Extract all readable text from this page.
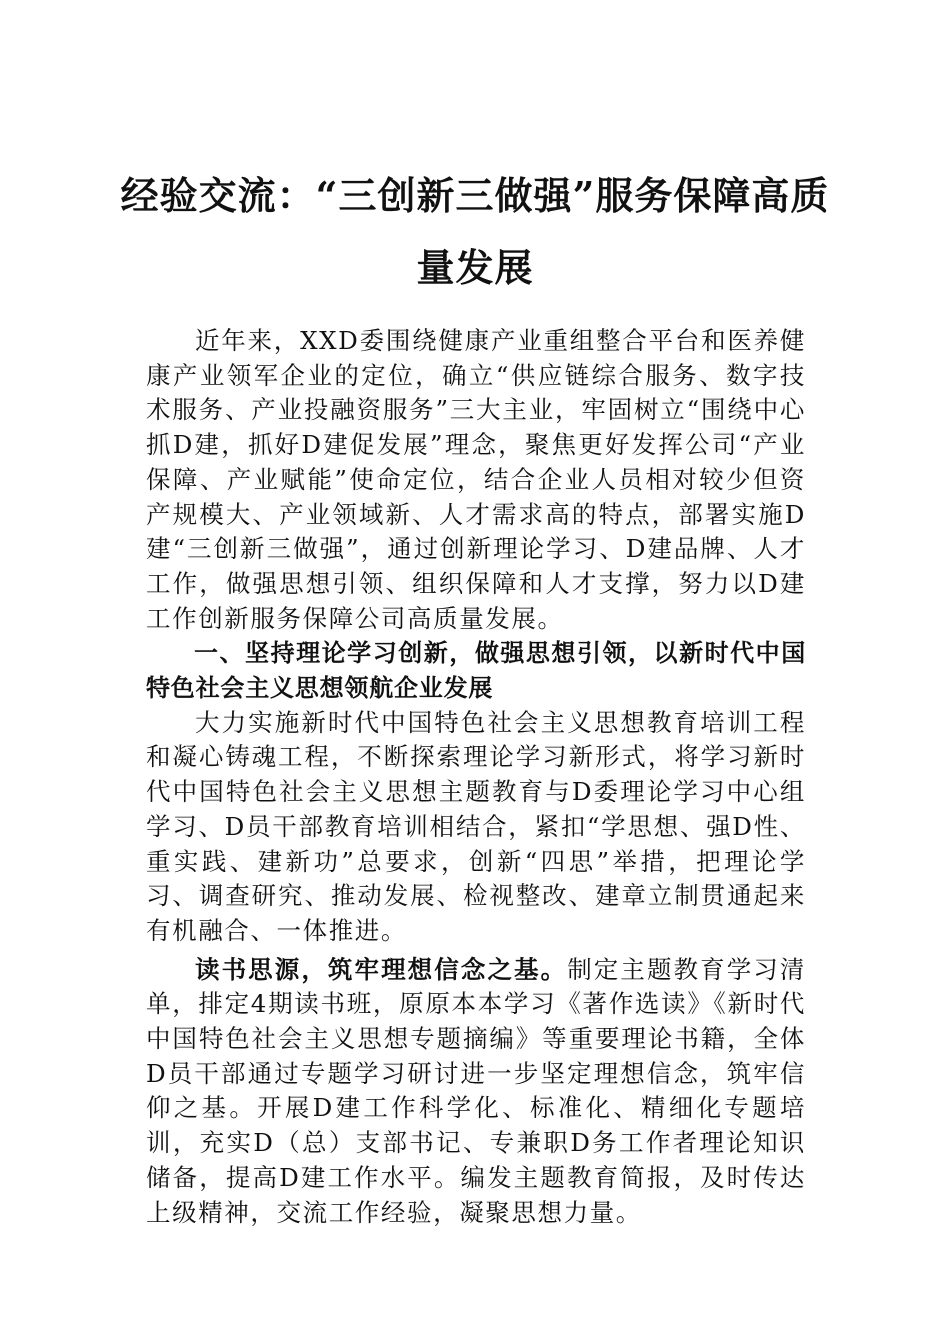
经验交流：“三创新三做强”服务保障高质量发展

近年来，XXD委围绕健康产业重组整合平台和医养健康产业领军企业的定位，确立“供应链综合服务、数字技术服务、产业投融资服务”三大主业，牢固树立“围绕中心抓D建，抓好D建促发展”理念，聚焦更好发挥公司“产业保障、产业赋能”使命定位，结合企业人员相对较少但资产规模大、产业领域新、人才需求高的特点，部署实施D建“三创新三做强”，通过创新理论学习、D建品牌、人才工作，做强思想引领、组织保障和人才支撑，努力以D建工作创新服务保障公司高质量发展。

一、坚持理论学习创新，做强思想引领，以新时代中国特色社会主义思想领航企业发展

大力实施新时代中国特色社会主义思想教育培训工程和凝心铸魂工程，不断探索理论学习新形式，将学习新时代中国特色社会主义思想主题教育与D委理论学习中心组学习、D员干部教育培训相结合，紧扣“学思想、强D性、重实践、建新功”总要求，创新“四思”举措，把理论学习、调查研究、推动发展、检视整改、建章立制贯通起来有机融合、一体推进。

读书思源，筑牢理想信念之基。制定主题教育学习清单，排定4期读书班，原原本本学习《著作选读》《新时代中国特色社会主义思想专题摘编》等重要理论书籍，全体D员干部通过专题学习研讨进一步坚定理想信念，筑牢信仰之基。开展D建工作科学化、标准化、精细化专题培训，充实D（总）支部书记、专兼职D务工作者理论知识储备，提高D建工作水平。编发主题教育简报，及时传达上级精神，交流工作经验，凝聚思想力量。
